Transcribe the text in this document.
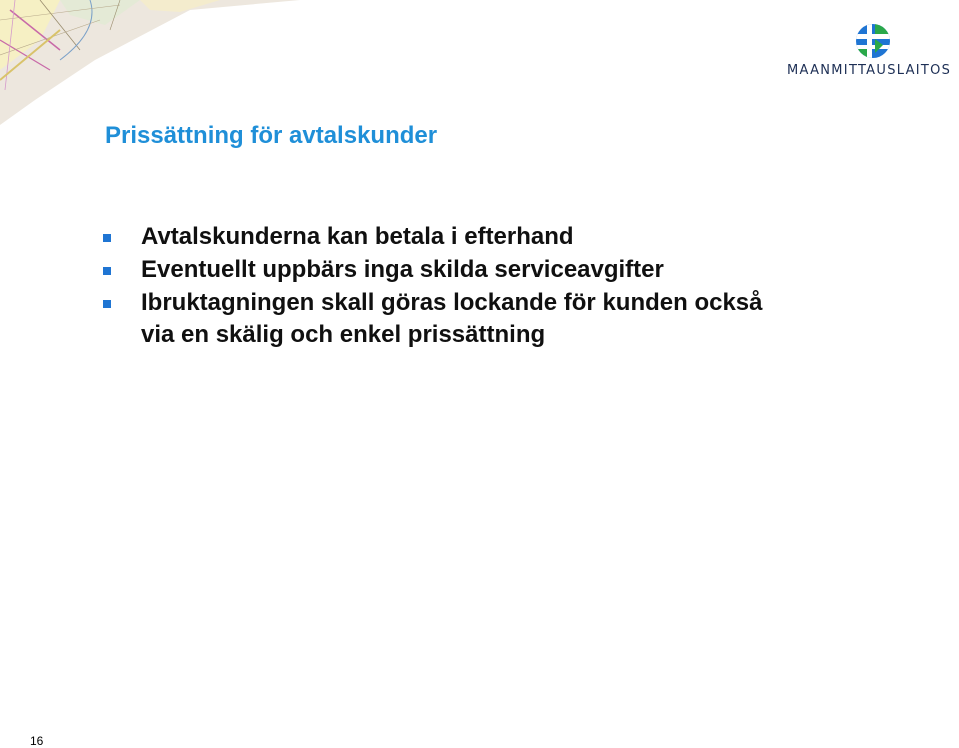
MAANMITTAUSLAITOS
Prissättning för avtalskunder
Avtalskunderna kan betala i efterhand
Eventuellt uppbärs inga skilda serviceavgifter
Ibruktagningen skall göras lockande för kunden också
via en skälig och enkel prissättning
16
